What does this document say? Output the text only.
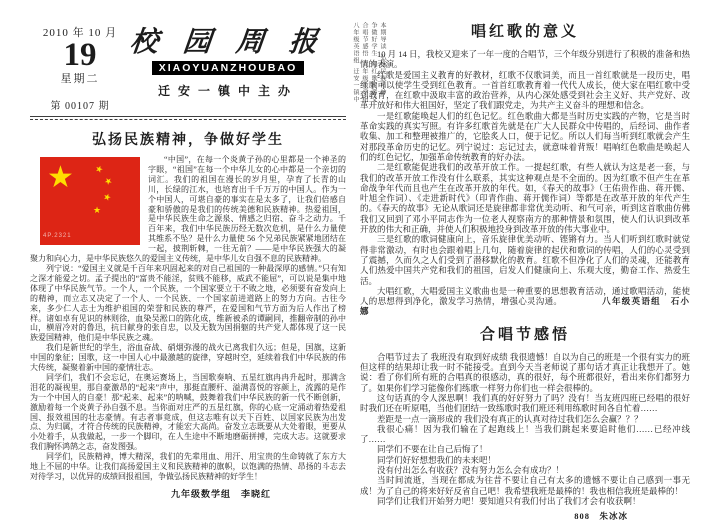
2010 年 10 月
19
星期二
第 00107 期
校 园 周 报
XIAOYUANZHOUBAO
迁安一镇中主办
本期导读弘扬民族精神争做好学生唱红歌的意义合唱节感悟九年级数学组八年级英语组迁安一镇中
弘扬民族精神，争做好学生
★ ★
★
★
★
4P.2321

“中国”，在每一个炎黄子孙的心里都是一个神圣的字眼，“祖国”在每一个中华儿女的心中都是一个亲切的词汇。我们的祖国在漫长的岁月里，孕育了长青的山川，长绿的江水，也培育出千千万万的中国人。作为一个中国人，可堪自豪的事实在是太多了，让我们倍感自豪和骄傲的是我们的传统美德和民族精神。热爱祖国，是中华民族生命之源泉、情感之归宿、奋斗之动力。千百年来，我们中华民族历经无数次危机，是什么力量使其维系不坠？是什么力量使 56 个兄弟民族紧紧地团结在一起，披荆斩棘，一往无前？——是中华民族强大的凝聚力和向心力，是中华民族悠久的爱国主义传统，是中华儿女自强不息的民族精神。

列宁说：“爱国主义就是千百年来巩固起来的对自己祖国的一种最深厚的感情。”只有知之深才能爱之切。孟子提出的“富贵不能淫，贫贱不能移，威武不能屈”，可以说是集中地体现了中华民族气节。一个人，一个民族，一个国家要立于不败之地，必须要有奋发向上的精神，而立志又决定了一个人、一个民族、一个国家前进道路上的努力方向。古往今来，多少仁人志士为维护祖国的荣誉和民族的尊严，在爱国和气节方面为后人作出了榜样。诸如卓有见识的林则徐，血染吴淞口的陈化成，维新被杀的谭嗣同，推翻帝制的孙中山，横眉冷对的鲁迅，抗日献身的张自忠，以及无数为国捐躯的共产党人都体现了这一民族爱国精神，他们是中华民族之魂。

我们是新世纪的学生，浴血奋战、硝烟弥漫的战火已离我们久远；但是，国旗，这新中国的象征；国歌，这一中国人心中最激越的旋律，穿越时空，延续着我们中华民族的伟大传统，凝聚着新中国的豪情壮志。

同学们，我们不会忘记，在奥运赛场上，当国歌奏响、五星红旗冉冉升起时，那满含泪花的凝视里，那自豪激昂的“起来”声中，那挺直腰杆、溢满喜悦的容颜上，流露的是作为一个中国人的自豪！那“起来、起来”的呐喊，鼓舞着我们中华民族的新一代不断创新，激励着每一个炎黄子孙自强不息。当你面对庄严的五星红旗，你的心底一定涌动着热爱祖国、报效祖国的壮志豪情。有志者事竟成，但这志唯有以天下百姓、以国家民族为出发点、为归属，才符合传统的民族精神，才能宏大高尚。奋发立志既要从大处着眼，更要从小处着手，从我做起，一步一个脚印，在人生途中不断地磨砺拼搏，完成大志。这就要求我们胸怀鸿鹄之志，奋发图强。

同学们，民族精神，博大精深，我们的先辈用血、用汗、用宝贵的生命铸就了东方大地上不屈的中华。让我们高扬爱国主义和民族精神的旗帜，以饱满的热情、昂扬的斗志去对待学习，以优异的成绩回报祖国，争做弘扬民族精神的好学生！

九年级数学组　李晓红
唱红歌的意义

10 月 14 日，我校又迎来了一年一度的合唱节，三个年级分别进行了积极的准备和热情的表演。

红歌是爱国主义教育的好教材，红歌不仅歌词美，而且一首红歌就是一段历史，唱红歌可以使学生受到红色教育。一首首红歌教育着一代代人成长，使大家在唱红歌中受到教育，在红歌中汲取丰富的政治营养，从内心深处感受到社会主义好、共产党好、改革开放好和伟大祖国好，坚定了我们跟党走，为共产主义奋斗的理想和信念。

一是红歌能唤起人们的红色记忆。红色歌曲大都是当时历史实践的产物，它是当时革命实践的真实写照。有许多红歌首先就是在广大人民群众中传唱的，后经词、曲作者收集、加工和整理被推广的，它脍炙人口，便于记忆。所以人们每当听到红歌就会产生对那段革命历史的记忆。列宁说过：忘记过去，就意味着背叛！唱响红色歌曲是唤起人们的红色记忆，加强革命传统教育的好办法。

二是红歌能促进我们的改革开放工作。一提起红歌，有些人就认为这是老一套，与我们的改革开放工作没有什么联系，其实这种观点是不全面的。因为红歌不但产生在革命战争年代而且也产生在改革开放的年代。如，《春天的故事》（王佑贵作曲、蒋开儒、叶旭全作词）、《走进新时代》（印青作曲、蒋开儒作词）等都是在改革开放的年代产生的。《春天的故事》无论从歌词还是旋律都非常优美动听、和气可亲，听到这首歌曲仿佛我们又回到了邓小平同志作为一位老人视察南方的那种情景和氛围，使人们认识到改革开放的伟大和正确，并使人们积极地投身到改革开放的伟大事业中。

三是红歌的歌词健康向上，音乐旋律优美动听、铿锵有力。当人们听到红歌时就觉得非常激动，有时也会跟着唱上几句，随着旋律的起伏和歌词的传唱，人们的心灵受到了震撼，久而久之人们受到了潜移默化的教育。红歌不但净化了人们的灵魂，还能教育人们热爱中国共产党和我们的祖国，启发人们健康向上、乐观大度，勤奋工作、热爱生活。

大唱红歌，大唱爱国主义歌曲也是一种重要的思想教育活动，通过歌唱活动，能使人的思想得到净化，激发学习热情，增强心灵沟通。	八年级英语组　石小娜

合唱节感悟

合唱节过去了 我班没有取到好成绩 我很遗憾！自以为自己的班是一个很有实力的班但这样的结果却让我一时不能接受。直到今天当老师说了那句话才真正让我想开了。她说：看了你们所有班的合唱真的很感动，真的很好，每个班都很好，看出来你们都努力了。如果你们学习能像你们练歌一样努力你们也一样会很棒的。

这句话真的令人深思啊！我们真的好好努力了吗？没有！当友班四班已经唱的很好时我们还在听原唱，当他们团结一致练歌时我们班还利用练歌时间各自忙着……

差距是一点一滴形成的 我们没有真正的认真对待过我们怎么会赢？？？

我很心痛！因为我们输在了起跑线上！当我们跳起来要追时他们……已经冲线了……

同学们不要在让自己后悔了！

同学们好好想想我们的未来吧！

没有付出怎么有收获？没有努力怎么会有成功？！

当时间流逝，当现在都成为往昔不要让自己有太多的遗憾不要让自己感到一事无成！为了自己的将来好好反省自己吧！我希望我班是最棒的！我也相信我班是最棒的！

同学们让我们开始努力吧！要知道只有我们付出了我们才会有收获啊！

808　朱冰冰
